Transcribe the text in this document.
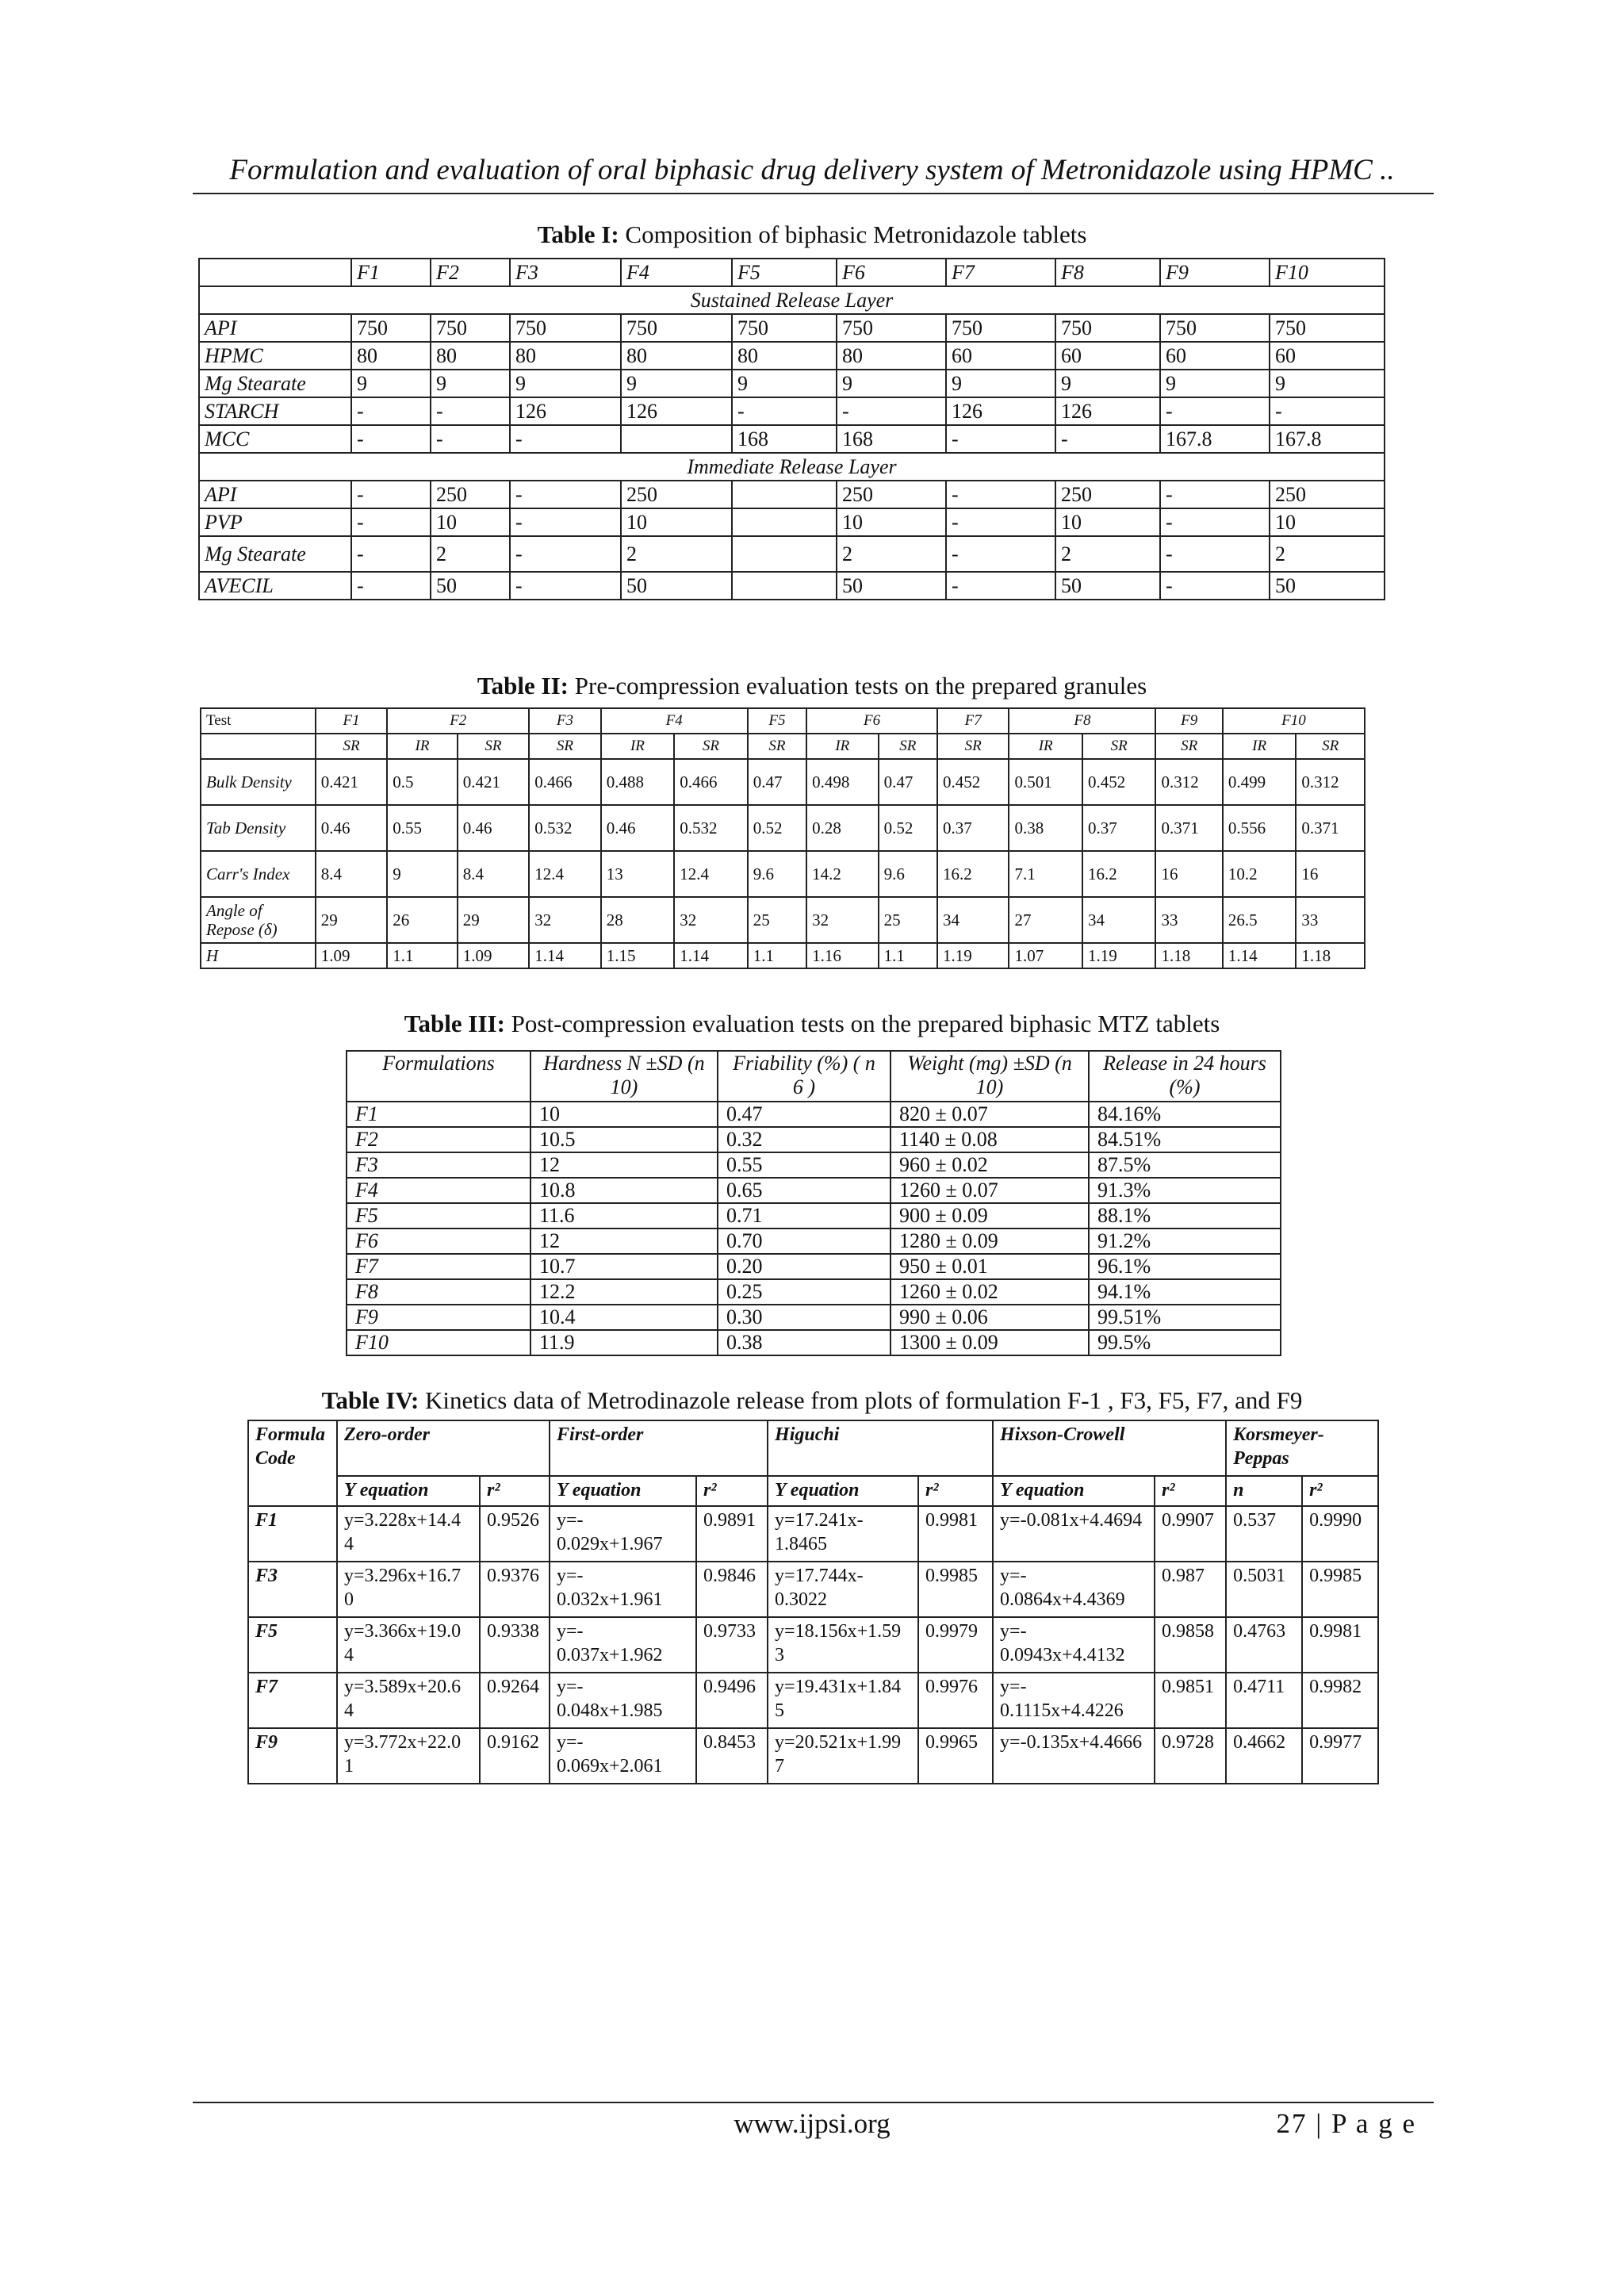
Formulation and evaluation of oral biphasic drug delivery system of Metronidazole using HPMC ..
Table I: Composition of biphasic Metronidazole tablets
	F1	F2	F3	F4	F5	F6	F7	F8	F9	F10
Sustained Release Layer										
API	750	750	750	750	750	750	750	750	750	750
HPMC	80	80	80	80	80	80	60	60	60	60
Mg Stearate	9	9	9	9	9	9	9	9	9	9
STARCH	-	-	126	126	-	-	126	126	-	-
MCC	-	-	-		168	168	-	-	167.8	167.8
Immediate Release Layer										
API	-	250	-	250		250	-	250	-	250
PVP	-	10	-	10		10	-	10	-	10
Mg Stearate	-	2	-	2		2	-	2	-	2
AVECIL	-	50	-	50		50	-	50	-	50
Table II: Pre-compression evaluation tests on the prepared granules
Test	F1	F2		F3	F4		F5	F6		F7	F8		F9	F10	
	SR	IR	SR	SR	IR	SR	SR	IR	SR	SR	IR	SR	SR	IR	SR
Bulk Density	0.421	0.5	0.421	0.466	0.488	0.466	0.47	0.498	0.47	0.452	0.501	0.452	0.312	0.499	0.312
Tab Density	0.46	0.55	0.46	0.532	0.46	0.532	0.52	0.28	0.52	0.37	0.38	0.37	0.371	0.556	0.371
Carr's Index	8.4	9	8.4	12.4	13	12.4	9.6	14.2	9.6	16.2	7.1	16.2	16	10.2	16
Angle of Repose (δ)	29	26	29	32	28	32	25	32	25	34	27	34	33	26.5	33
H	1.09	1.1	1.09	1.14	1.15	1.14	1.1	1.16	1.1	1.19	1.07	1.19	1.18	1.14	1.18
Table III: Post-compression evaluation tests on the prepared biphasic MTZ tablets
Formulations	Hardness N ±SD (n 10)	Friability (%) ( n 6 )	Weight (mg) ±SD (n 10)	Release in 24 hours (%)
F1	10	0.47	820 ± 0.07	84.16%
F2	10.5	0.32	1140 ± 0.08	84.51%
F3	12	0.55	960 ± 0.02	87.5%
F4	10.8	0.65	1260 ± 0.07	91.3%
F5	11.6	0.71	900 ± 0.09	88.1%
F6	12	0.70	1280 ± 0.09	91.2%
F7	10.7	0.20	950 ± 0.01	96.1%
F8	12.2	0.25	1260 ± 0.02	94.1%
F9	10.4	0.30	990 ± 0.06	99.51%
F10	11.9	0.38	1300 ± 0.09	99.5%
Table IV: Kinetics data of Metrodinazole release from plots of formulation F-1 , F3, F5, F7, and F9
Formula Code	Zero-order		First-order		Higuchi		Hixson-Crowell		Korsmeyer-Peppas	
	Y equation	r²	Y equation	r²	Y equation	r²	Y equation	r²	n	r²
F1	y=3.228x+14.4 4	0.9526	y=- 0.029x+1.967	0.9891	y=17.241x- 1.8465	0.9981	y=-0.081x+4.4694	0.9907	0.537	0.9990
F3	y=3.296x+16.7 0	0.9376	y=- 0.032x+1.961	0.9846	y=17.744x- 0.3022	0.9985	y=- 0.0864x+4.4369	0.987	0.5031	0.9985
F5	y=3.366x+19.0 4	0.9338	y=- 0.037x+1.962	0.9733	y=18.156x+1.59 3	0.9979	y=- 0.0943x+4.4132	0.9858	0.4763	0.9981
F7	y=3.589x+20.6 4	0.9264	y=- 0.048x+1.985	0.9496	y=19.431x+1.84 5	0.9976	y=- 0.1115x+4.4226	0.9851	0.4711	0.9982
F9	y=3.772x+22.0 1	0.9162	y=- 0.069x+2.061	0.8453	y=20.521x+1.99 7	0.9965	y=-0.135x+4.4666	0.9728	0.4662	0.9977
www.ijpsi.org	27 | P a g e
